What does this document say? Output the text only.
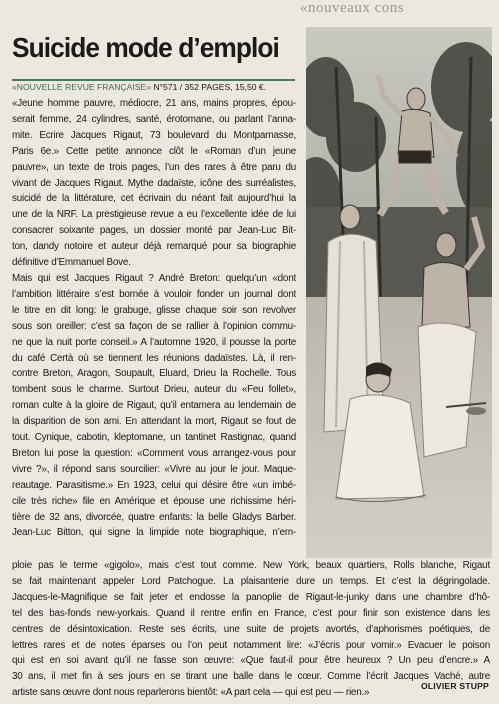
«nouveaux cons
Suicide mode d’emploi
«NOUVELLE REVUE FRANÇAISE» N°571 / 352 PAGES, 15,50 €.
«Jeune homme pauvre, médiocre, 21 ans, mains propres, épou-
serait femme, 24 cylindres, santé, érotomane, ou parlant l’anna-
mite. Ecrire Jacques Rigaut, 73 boulevard du Montparnasse,
Paris 6e.» Cette petite annonce clôt le «Roman d’un jeune
pauvre», un texte de trois pages, l’un des rares à être paru du
vivant de Jacques Rigaut. Mythe dadaïste, icône des surréalistes,
suicidé de la littérature, cet écrivain du néant fait aujourd’hui la
une de la NRF. La prestigieuse revue a eu l’excellente idée de lui
consacrer soixante pages, un dossier monté par Jean-Luc Bit-
ton, dandy notoire et auteur déjà remarqué pour sa biographie
définitive d’Emmanuel Bove.
Mais qui est Jacques Rigaut ? André Breton: quelqu’un «dont
l’ambition littéraire s’est bornée à vouloir fonder un journal dont
le titre en dit long: le grabuge, glisse chaque soir son revolver
sous son oreiller: c’est sa façon de se rallier à l’opinion commu-
ne que la nuit porte conseil.» A l’automne 1920, il pousse la porte
du café Certà où se tiennent les réunions dadaïstes. Là, il ren-
contre Breton, Aragon, Soupault, Eluard, Drieu la Rochelle. Tous
tombent sous le charme. Surtout Drieu, auteur du «Feu follet»,
roman culte à la gloire de Rigaut, qu’il entamera au lendemain de
la disparition de son ami. En attendant la mort, Rigaut se fout de
tout. Cynique, cabotin, kleptomane, un tantinet Rastignac, quand
Breton lui pose la question: «Comment vous arrangez-vous pour
vivre ?», il répond sans sourcilier: «Vivre au jour le jour. Maque-
reautage. Parasitisme.» En 1923, celui qui désire être «un imbé-
cile très riche» file en Amérique et épouse une richissime héri-
tière de 32 ans, divorcée, quatre enfants: la belle Gladys Barber.
Jean-Luc Bitton, qui signe la limpide note biographique, n’em-
ploie pas le terme «gigolo», mais c’est tout comme. New York, beaux quartiers, Rolls blanche, Rigaut
se fait maintenant appeler Lord Patchogue. La plaisanterie dure un temps. Et c’est la dégringolade.
Jacques-le-Magnifique se fait jeter et endosse la panoplie de Rigaut-le-junky dans une chambre d’hô-
tel des bas-fonds new-yorkais. Quand il rentre enfin en France, c’est pour finir son existence dans les
centres de désintoxication. Reste ses écrits, une suite de projets avortés, d’aphorismes poétiques, de
lettres rares et de notes éparses ou l’on peut notamment lire: «J’écris pour vomir.» Evacuer le poison
qui est en soi avant qu’il ne fasse son œuvre: «Que faut-il pour être heureux ? Un peu d’encre.» A
30 ans, il met fin à ses jours en se tirant une balle dans le cœur. Comme l’écrit Jacques Vaché, autre
artiste sans œuvre dont nous reparlerons bientôt: «A part cela — qui est peu — rien.»
OLIVIER STUPP
